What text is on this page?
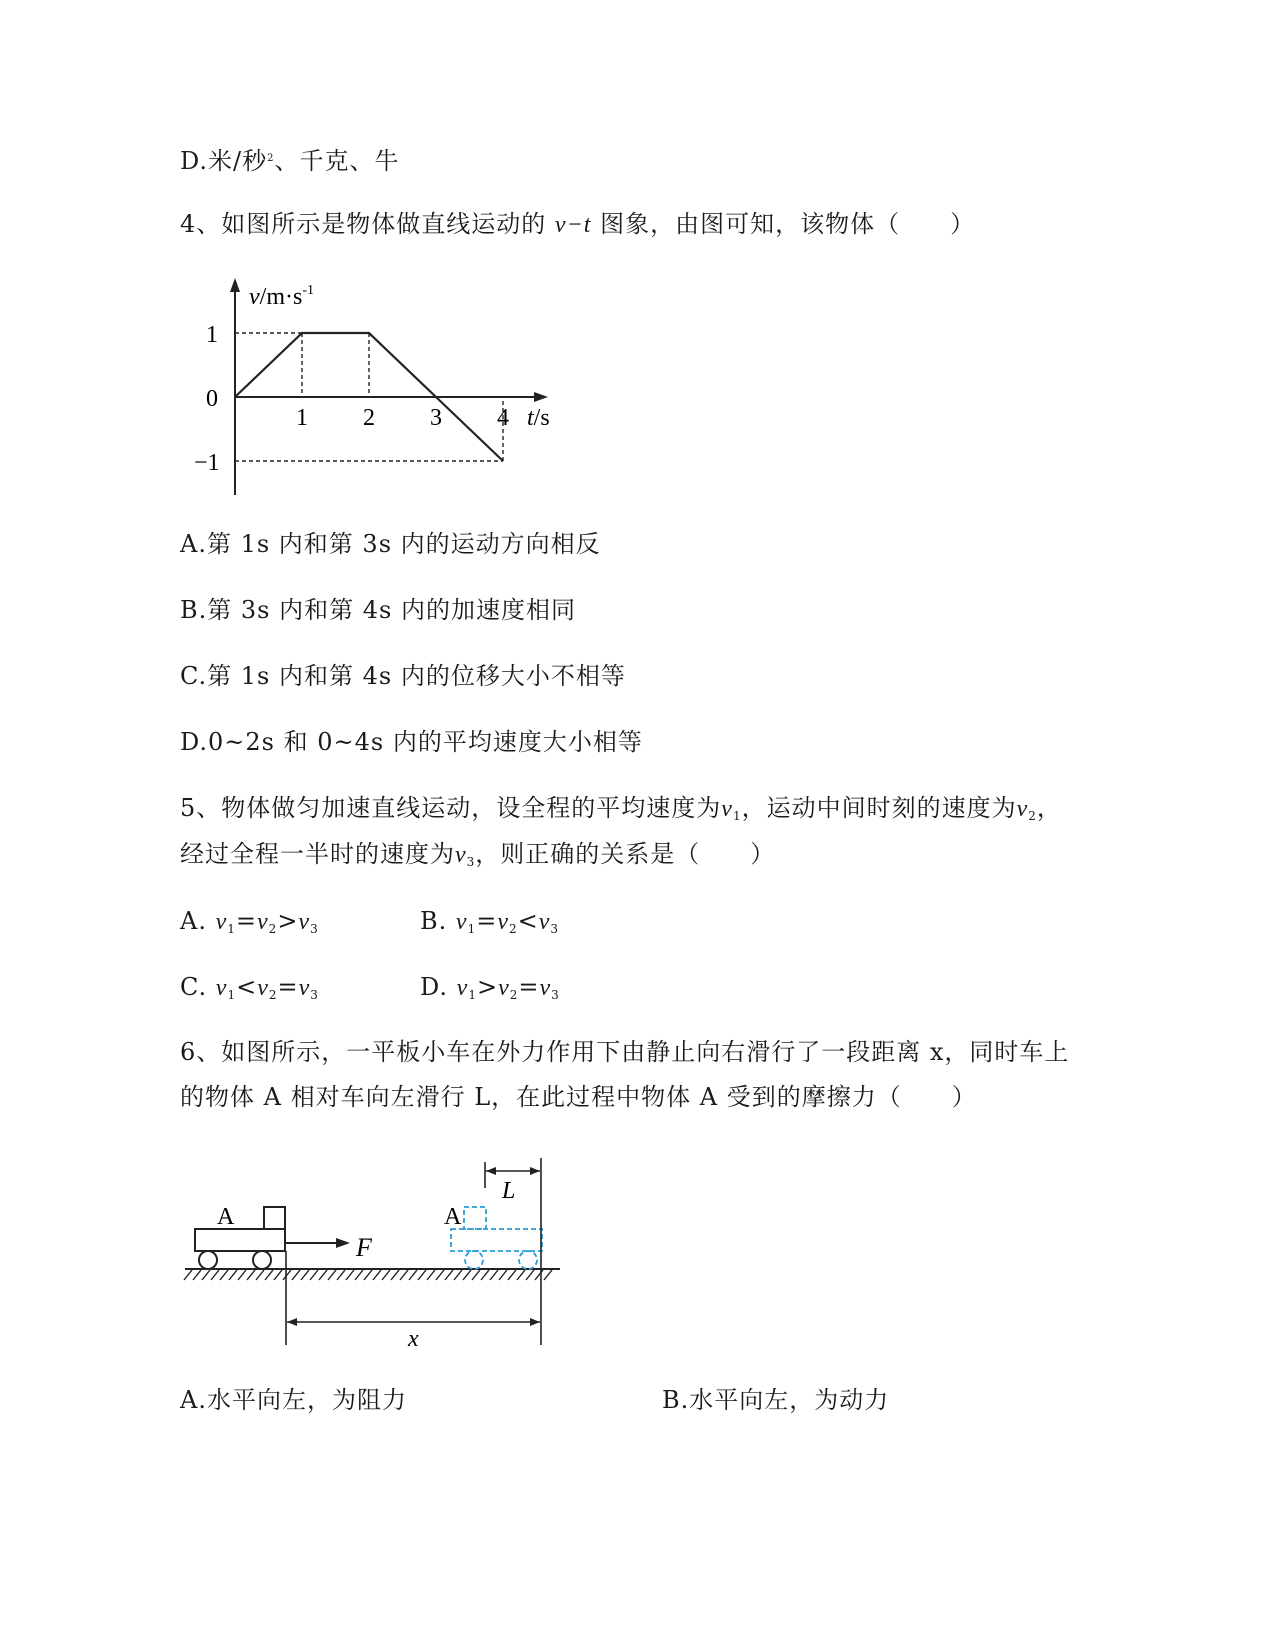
D.米/秒$^2$、千克、牛
4、如图所示是物体做直线运动的 v−t 图象，由图可知，该物体（　　）
1 2 3 4
1
0
−1
$v/m\cdot s^{-1}$
t/s
A.第 1s 内和第 3s 内的运动方向相反
B.第 3s 内和第 4s 内的加速度相同
C.第 1s 内和第 4s 内的位移大小不相等
D.0~2s 和 0~4s 内的平均速度大小相等
5、物体做匀加速直线运动，设全程的平均速度为$v_1$，运动中间时刻的速度为$v_2$，
经过全程一半时的速度为$v_3$，则正确的关系是（　　）
A. $v_1=v_2>v_3$	B. $v_1=v_2<v_3$
C. $v_1<v_2=v_3$	D. $v_1>v_2=v_3$
6、如图所示，一平板小车在外力作用下由静止向右滑行了一段距离 x，同时车上
的物体 A 相对车向左滑行 L，在此过程中物体 A 受到的摩擦力（　　）
A
F
A
L
x
A.水平向左，为阻力	B.水平向左，为动力
